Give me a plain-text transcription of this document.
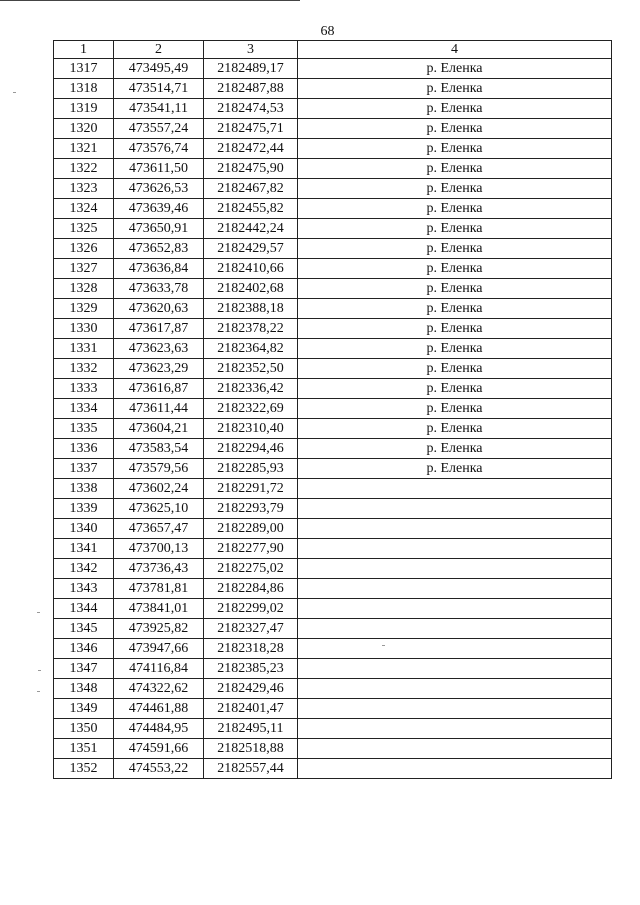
68
1	2	3	4
1317	473495,49	2182489,17	р. Еленка
1318	473514,71	2182487,88	р. Еленка
1319	473541,11	2182474,53	р. Еленка
1320	473557,24	2182475,71	р. Еленка
1321	473576,74	2182472,44	р. Еленка
1322	473611,50	2182475,90	р. Еленка
1323	473626,53	2182467,82	р. Еленка
1324	473639,46	2182455,82	р. Еленка
1325	473650,91	2182442,24	р. Еленка
1326	473652,83	2182429,57	р. Еленка
1327	473636,84	2182410,66	р. Еленка
1328	473633,78	2182402,68	р. Еленка
1329	473620,63	2182388,18	р. Еленка
1330	473617,87	2182378,22	р. Еленка
1331	473623,63	2182364,82	р. Еленка
1332	473623,29	2182352,50	р. Еленка
1333	473616,87	2182336,42	р. Еленка
1334	473611,44	2182322,69	р. Еленка
1335	473604,21	2182310,40	р. Еленка
1336	473583,54	2182294,46	р. Еленка
1337	473579,56	2182285,93	р. Еленка
1338	473602,24	2182291,72	
1339	473625,10	2182293,79	
1340	473657,47	2182289,00	
1341	473700,13	2182277,90	
1342	473736,43	2182275,02	
1343	473781,81	2182284,86	
1344	473841,01	2182299,02	
1345	473925,82	2182327,47	
1346	473947,66	2182318,28	
1347	474116,84	2182385,23	
1348	474322,62	2182429,46	
1349	474461,88	2182401,47	
1350	474484,95	2182495,11	
1351	474591,66	2182518,88	
1352	474553,22	2182557,44	
